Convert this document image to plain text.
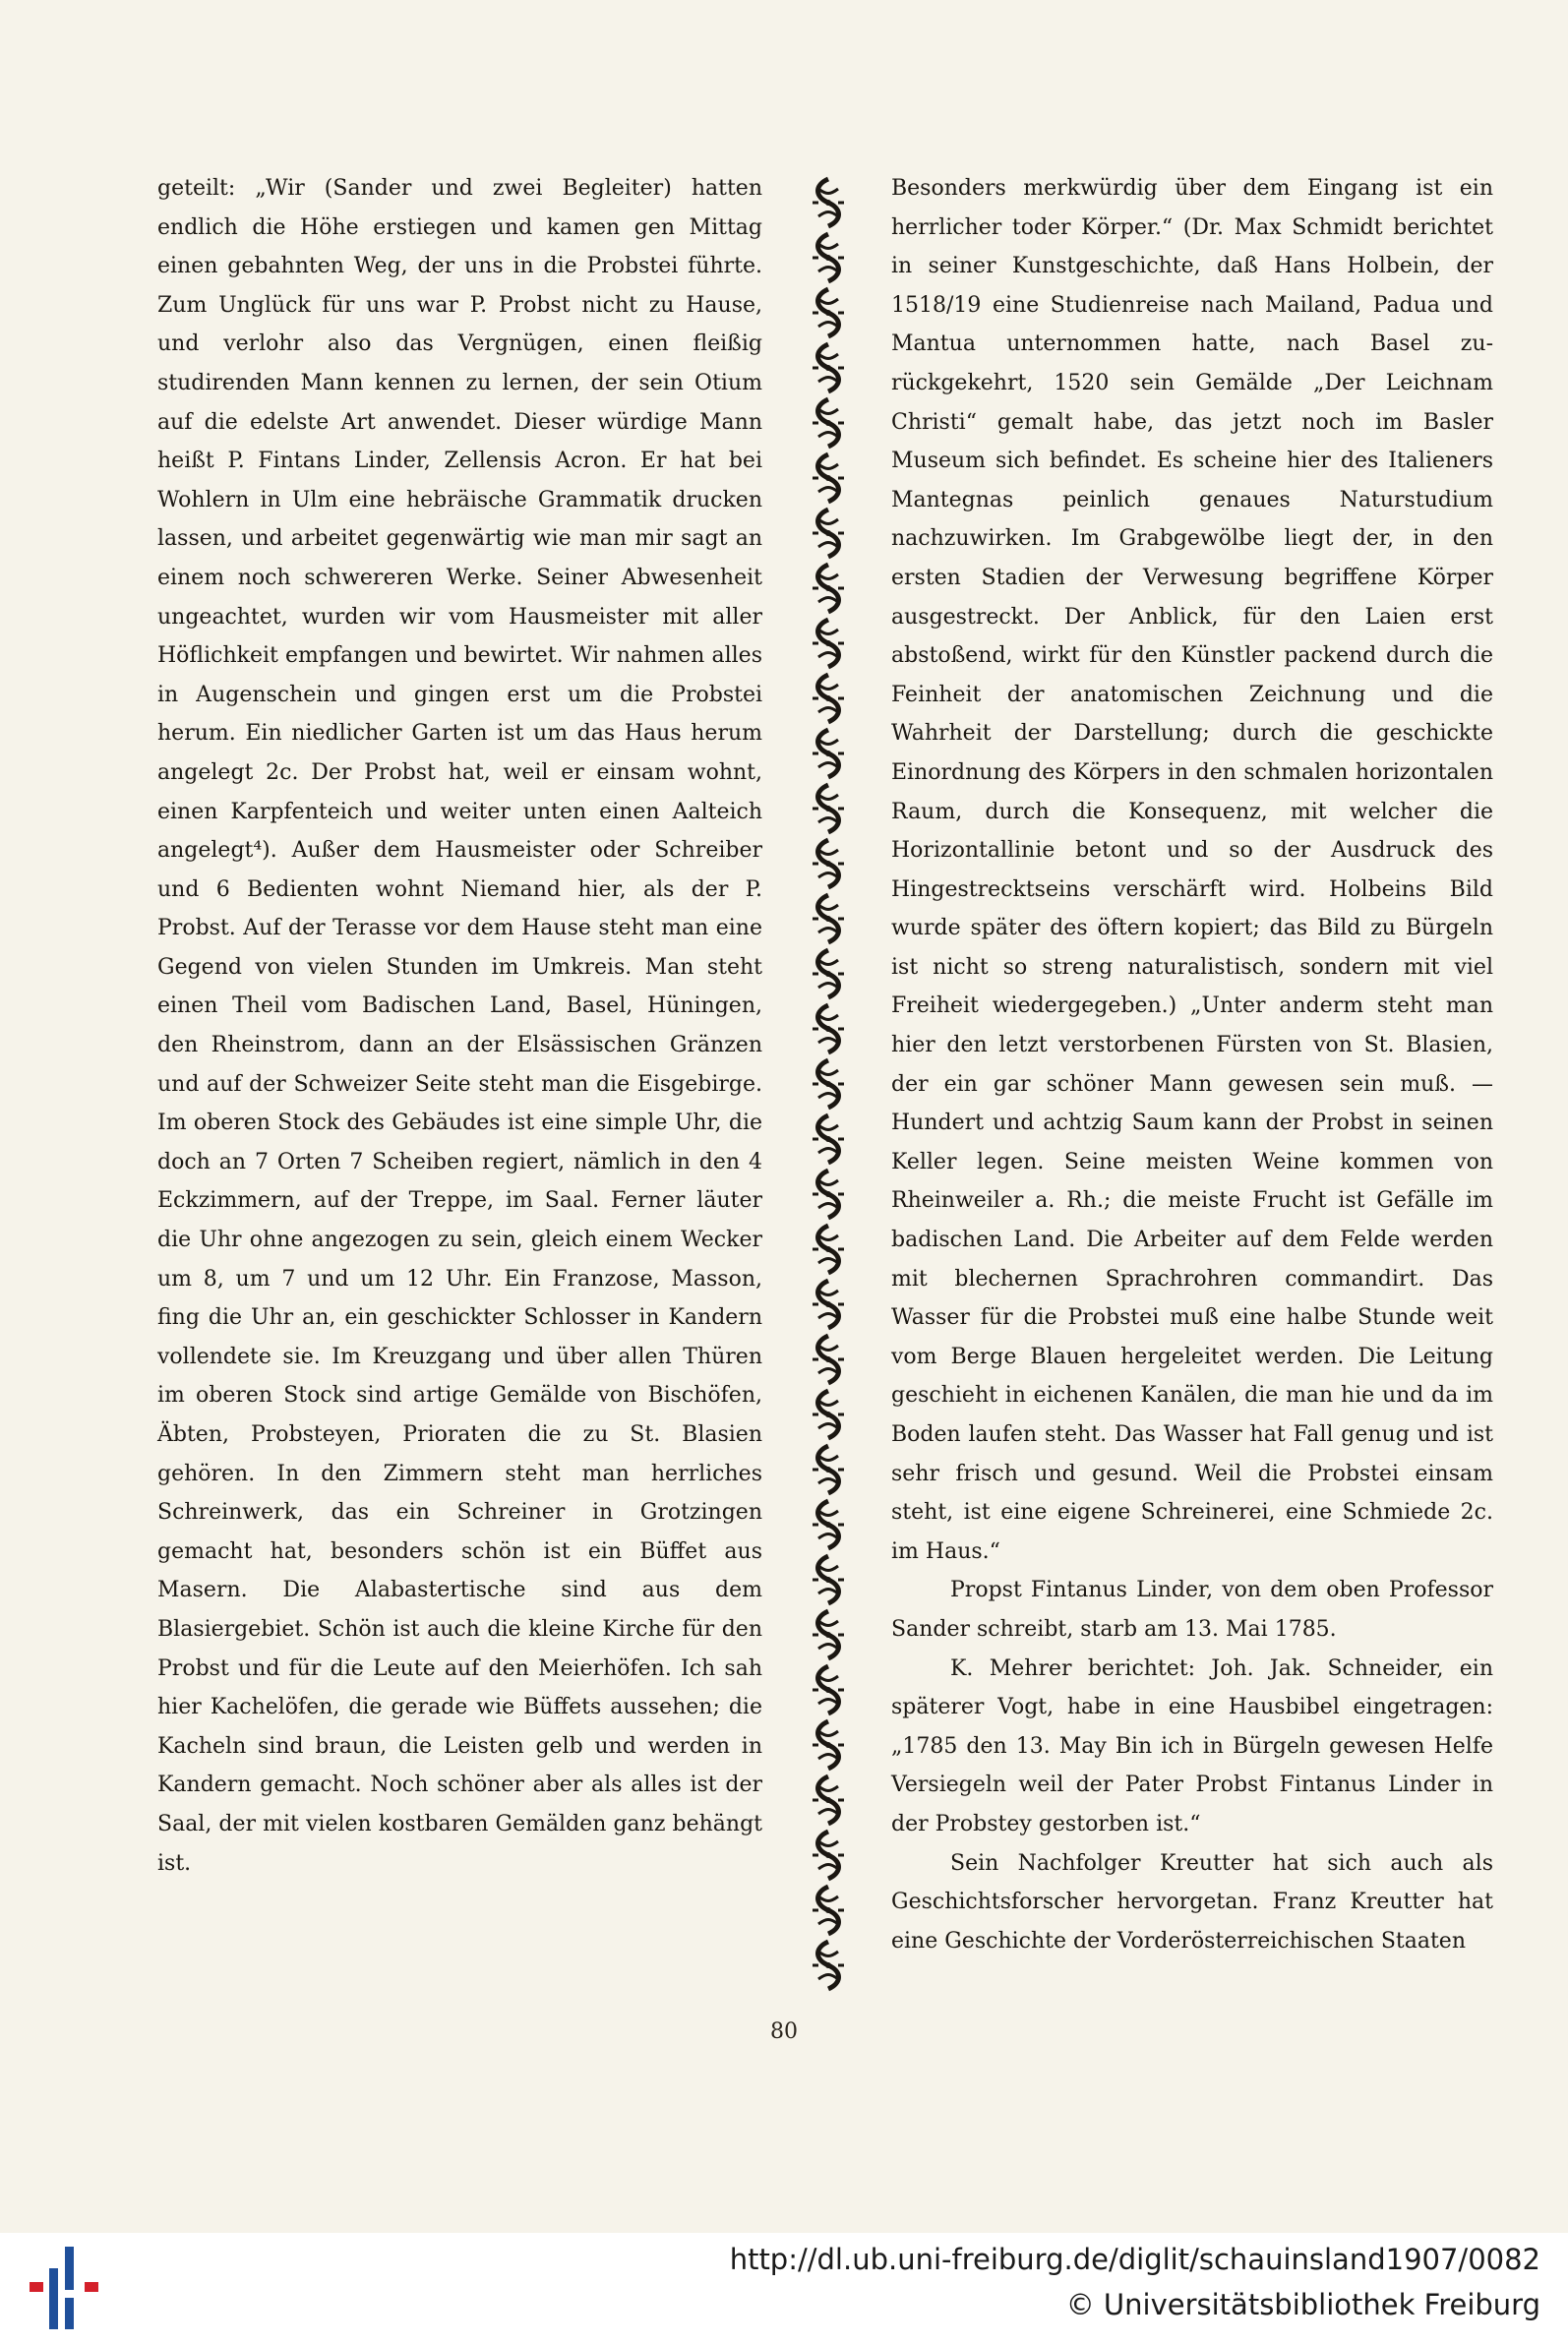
geteilt: „Wir (Sander und zwei Begleiter) hatten endlich die Höhe erstiegen und kamen gen Mittag einen gebahnten Weg, der uns in die Probstei führte. Zum Unglück für uns war P. Probst nicht zu Hause, und verlohr also das Vergnügen, einen fleißig studirenden Mann kennen zu lernen, der sein Otium auf die edelste Art anwendet. Dieser würdige Mann heißt P. Fintans Linder, Zellensis Acron. Er hat bei Wohlern in Ulm eine hebräische Grammatik drucken lassen, und arbeitet gegenwärtig wie man mir sagt an einem noch schwereren Werke. Seiner Abwesenheit ungeachtet, wurden wir vom Hausmeister mit aller Höflichkeit empfangen und bewirtet. Wir nahmen alles in Augenschein und gingen erst um die Probstei herum. Ein niedlicher Garten ist um das Haus herum angelegt 2c. Der Probst hat, weil er einsam wohnt, einen Karpfenteich und weiter unten einen Aalteich angelegt⁴). Außer dem Hausmeister oder Schreiber und 6 Bedienten wohnt Niemand hier, als der P. Probst. Auf der Terasse vor dem Hause steht man eine Gegend von vielen Stunden im Umkreis. Man steht einen Theil vom Badischen Land, Basel, Hüningen, den Rheinstrom, dann an der Elsässischen Gränzen und auf der Schweizer Seite steht man die Eisgebirge. Im oberen Stock des Gebäudes ist eine simple Uhr, die doch an 7 Orten 7 Scheiben regiert, nämlich in den 4 Eckzimmern, auf der Treppe, im Saal. Ferner läuter die Uhr ohne angezogen zu sein, gleich einem Wecker um 8, um 7 und um 12 Uhr. Ein Franzose, Masson, fing die Uhr an, ein geschickter Schlosser in Kandern vollendete sie. Im Kreuzgang und über allen Thüren im oberen Stock sind artige Gemälde von Bischöfen, Äbten, Probsteyen, Prioraten die zu St. Blasien gehören. In den Zimmern steht man herrliches Schreinwerk, das ein Schreiner in Grotzingen gemacht hat, besonders schön ist ein Büffet aus Masern. Die Alabastertische sind aus dem Blasiergebiet. Schön ist auch die kleine Kirche für den Probst und für die Leute auf den Meierhöfen. Ich sah hier Kachelöfen, die gerade wie Büffets aussehen; die Kacheln sind braun, die Leisten gelb und werden in Kandern gemacht. Noch schöner aber als alles ist der Saal, der mit vielen kostbaren Gemälden ganz behängt ist.

Besonders merkwürdig über dem Eingang ist ein herrlicher toder Körper.“ (Dr. Max Schmidt berichtet in seiner Kunstgeschichte, daß Hans Holbein, der 1518/19 eine Studienreise nach Mailand, Padua und Mantua unternommen hatte, nach Basel zurückgekehrt, 1520 sein Gemälde „Der Leichnam Christi“ gemalt habe, das jetzt noch im Basler Museum sich befindet. Es scheine hier des Italieners Mantegnas peinlich genaues Naturstudium nachzuwirken. Im Grabgewölbe liegt der, in den ersten Stadien der Verwesung begriffene Körper ausgestreckt. Der Anblick, für den Laien erst abstoßend, wirkt für den Künstler packend durch die Feinheit der anatomischen Zeichnung und die Wahrheit der Darstellung; durch die geschickte Einordnung des Körpers in den schmalen horizontalen Raum, durch die Konsequenz, mit welcher die Horizontallinie betont und so der Ausdruck des Hingestrecktseins verschärft wird. Holbeins Bild wurde später des öftern kopiert; das Bild zu Bürgeln ist nicht so streng naturalistisch, sondern mit viel Freiheit wiedergegeben.) „Unter anderm steht man hier den letzt verstorbenen Fürsten von St. Blasien, der ein gar schöner Mann gewesen sein muß. — Hundert und achtzig Saum kann der Probst in seinen Keller legen. Seine meisten Weine kommen von Rheinweiler a. Rh.; die meiste Frucht ist Gefälle im badischen Land. Die Arbeiter auf dem Felde werden mit blechernen Sprachrohren commandirt. Das Wasser für die Probstei muß eine halbe Stunde weit vom Berge Blauen hergeleitet werden. Die Leitung geschieht in eichenen Kanälen, die man hie und da im Boden laufen steht. Das Wasser hat Fall genug und ist sehr frisch und gesund. Weil die Probstei einsam steht, ist eine eigene Schreinerei, eine Schmiede 2c. im Haus.“

Propst Fintanus Linder, von dem oben Professor Sander schreibt, starb am 13. Mai 1785.

K. Mehrer berichtet: Joh. Jak. Schneider, ein späterer Vogt, habe in eine Hausbibel eingetragen: „1785 den 13. May Bin ich in Bürgeln gewesen Helfe Versiegeln weil der Pater Probst Fintanus Linder in der Probstey gestorben ist.“

Sein Nachfolger Kreutter hat sich auch als Geschichtsforscher hervorgetan. Franz Kreutter hat eine Geschichte der Vorderösterreichischen Staaten

80
http://dl.ub.uni-freiburg.de/diglit/schauinsland1907/0082
© Universitätsbibliothek Freiburg
